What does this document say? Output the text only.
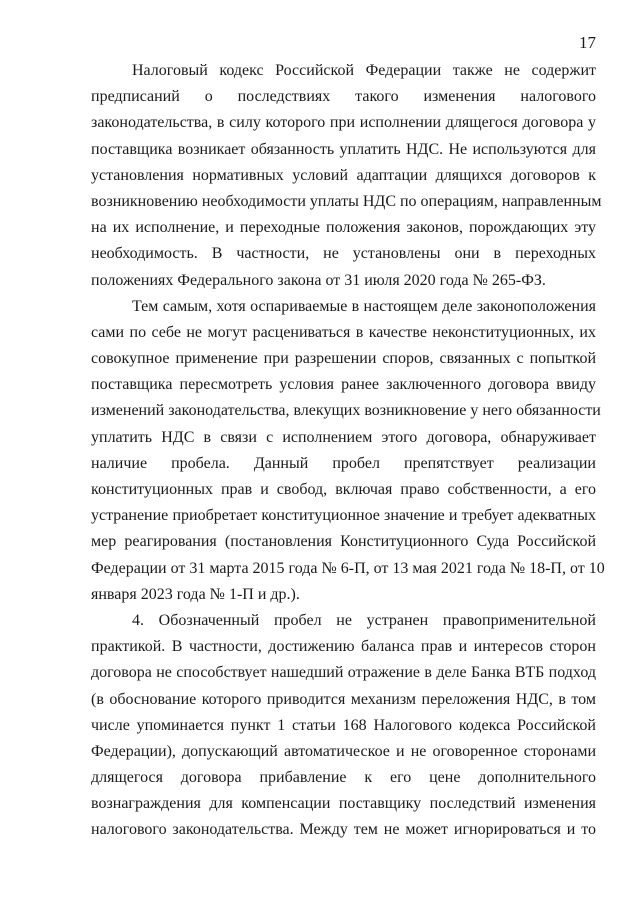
17
Налоговый кодекс Российской Федерации также не содержит
предписаний о последствиях такого изменения налогового
законодательства, в силу которого при исполнении длящегося договора у
поставщика возникает обязанность уплатить НДС. Не используются для
установления нормативных условий адаптации длящихся договоров к
возникновению необходимости уплаты НДС по операциям, направленным
на их исполнение, и переходные положения законов, порождающих эту
необходимость. В частности, не установлены они в переходных
положениях Федерального закона от 31 июля 2020 года № 265-ФЗ.
Тем самым, хотя оспариваемые в настоящем деле законоположения
сами по себе не могут расцениваться в качестве неконституционных, их
совокупное применение при разрешении споров, связанных с попыткой
поставщика пересмотреть условия ранее заключенного договора ввиду
изменений законодательства, влекущих возникновение у него обязанности
уплатить НДС в связи с исполнением этого договора, обнаруживает
наличие пробела. Данный пробел препятствует реализации
конституционных прав и свобод, включая право собственности, а его
устранение приобретает конституционное значение и требует адекватных
мер реагирования (постановления Конституционного Суда Российской
Федерации от 31 марта 2015 года № 6-П, от 13 мая 2021 года № 18-П, от 10
января 2023 года № 1-П и др.).
4. Обозначенный пробел не устранен правоприменительной
практикой. В частности, достижению баланса прав и интересов сторон
договора не способствует нашедший отражение в деле Банка ВТБ подход
(в обоснование которого приводится механизм переложения НДС, в том
числе упоминается пункт 1 статьи 168 Налогового кодекса Российской
Федерации), допускающий автоматическое и не оговоренное сторонами
длящегося договора прибавление к его цене дополнительного
вознаграждения для компенсации поставщику последствий изменения
налогового законодательства. Между тем не может игнорироваться и то
